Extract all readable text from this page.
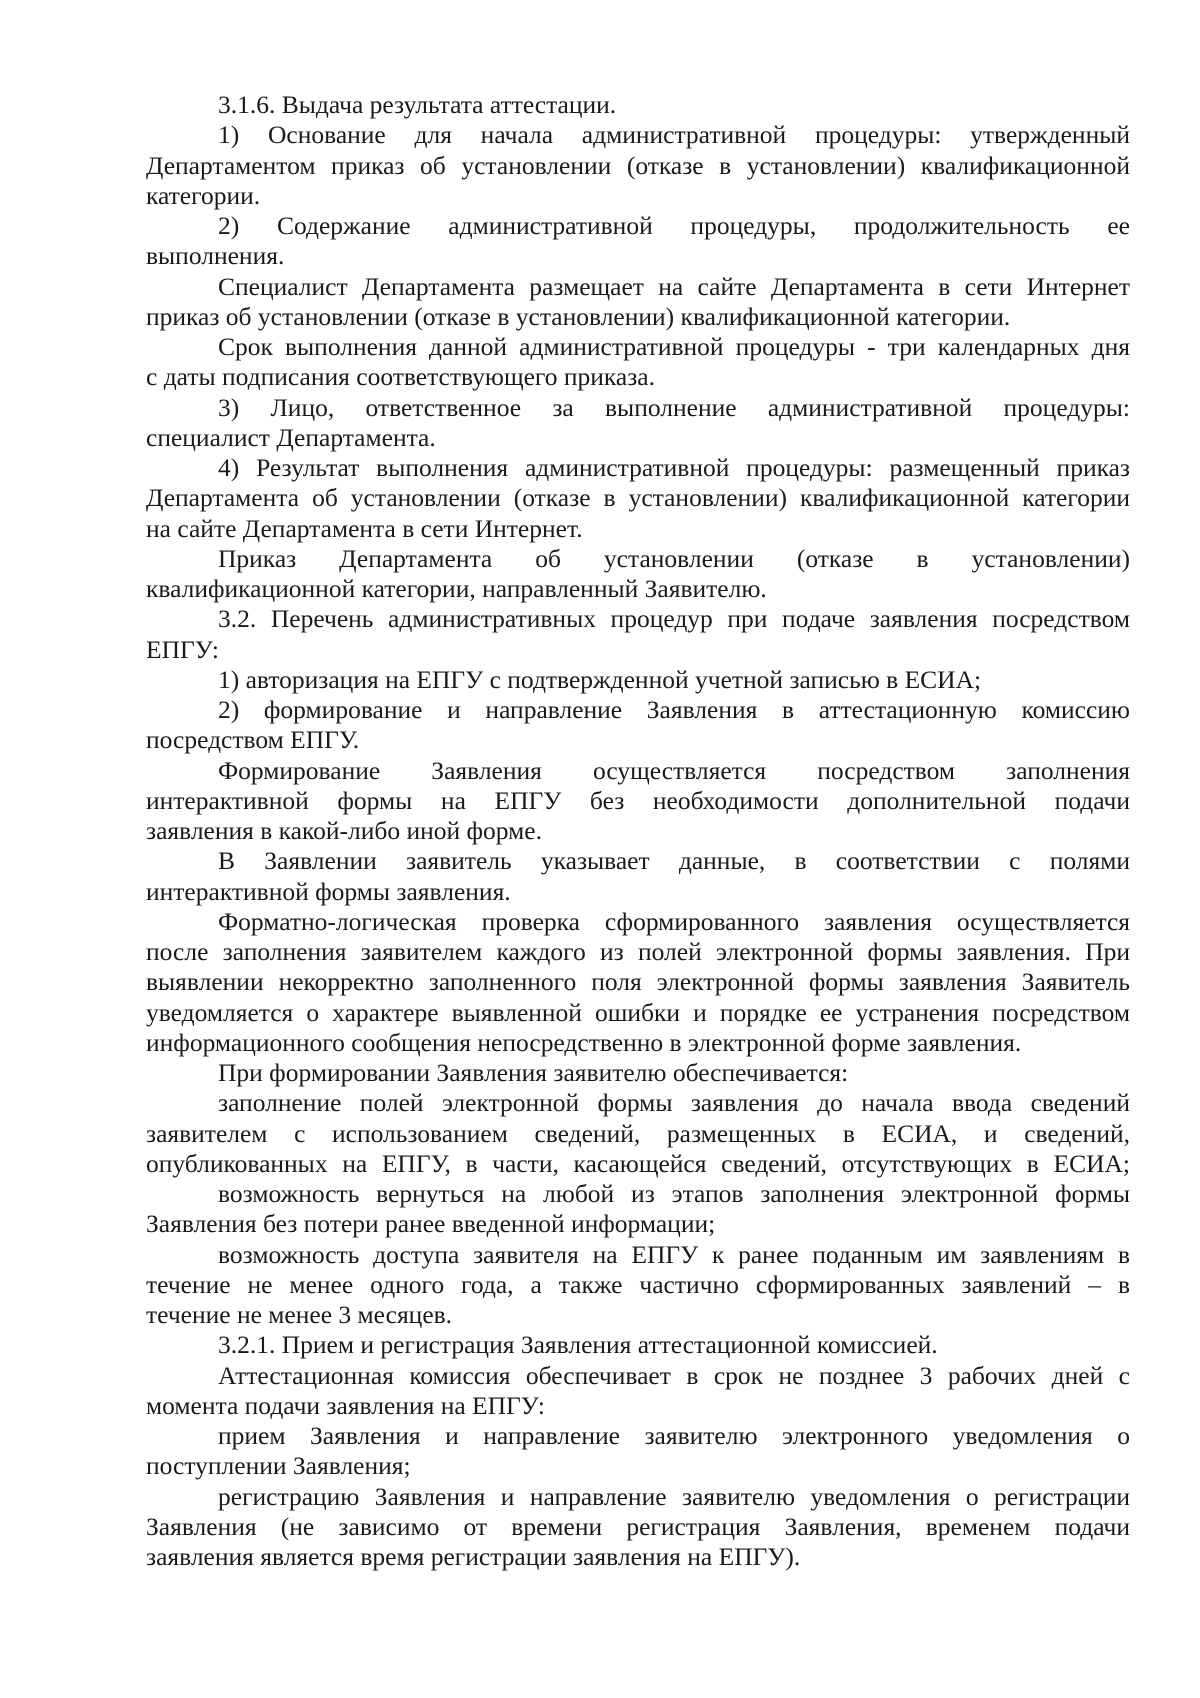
3.1.6. Выдача результата аттестации.
1) Основание для начала административной процедуры: утвержденный
Департаментом приказ об установлении (отказе в установлении) квалификационной
категории.
2) Содержание административной процедуры, продолжительность ее
выполнения.
Специалист Департамента размещает на сайте Департамента в сети Интернет
приказ об установлении (отказе в установлении) квалификационной категории.
Срок выполнения данной административной процедуры - три календарных дня
с даты подписания соответствующего приказа.
3) Лицо, ответственное за выполнение административной процедуры:
специалист Департамента.
4) Результат выполнения административной процедуры: размещенный приказ
Департамента об установлении (отказе в установлении) квалификационной категории
на сайте Департамента в сети Интернет.
Приказ Департамента об установлении (отказе в установлении)
квалификационной категории, направленный Заявителю.
3.2. Перечень административных процедур при подаче заявления посредством
ЕПГУ:
1) авторизация на ЕПГУ с подтвержденной учетной записью в ЕСИА;
2) формирование и направление Заявления в аттестационную комиссию
посредством ЕПГУ.
Формирование Заявления осуществляется посредством заполнения
интерактивной формы на ЕПГУ без необходимости дополнительной подачи
заявления в какой-либо иной форме.
В Заявлении заявитель указывает данные, в соответствии с полями
интерактивной формы заявления.
Форматно-логическая проверка сформированного заявления осуществляется
после заполнения заявителем каждого из полей электронной формы заявления. При
выявлении некорректно заполненного поля электронной формы заявления Заявитель
уведомляется о характере выявленной ошибки и порядке ее устранения посредством
информационного сообщения непосредственно в электронной форме заявления.
При формировании Заявления заявителю обеспечивается:
заполнение полей электронной формы заявления до начала ввода сведений
заявителем с использованием сведений, размещенных в ЕСИА, и сведений,
опубликованных на ЕПГУ, в части, касающейся сведений, отсутствующих в ЕСИА;
возможность вернуться на любой из этапов заполнения электронной формы
Заявления без потери ранее введенной информации;
возможность доступа заявителя на ЕПГУ к ранее поданным им заявлениям в
течение не менее одного года, а также частично сформированных заявлений – в
течение не менее 3 месяцев.
3.2.1. Прием и регистрация Заявления аттестационной комиссией.
Аттестационная комиссия обеспечивает в срок не позднее 3 рабочих дней с
момента подачи заявления на ЕПГУ:
прием Заявления и направление заявителю электронного уведомления о
поступлении Заявления;
регистрацию Заявления и направление заявителю уведомления о регистрации
Заявления (не зависимо от времени регистрация Заявления, временем подачи
заявления является время регистрации заявления на ЕПГУ).
